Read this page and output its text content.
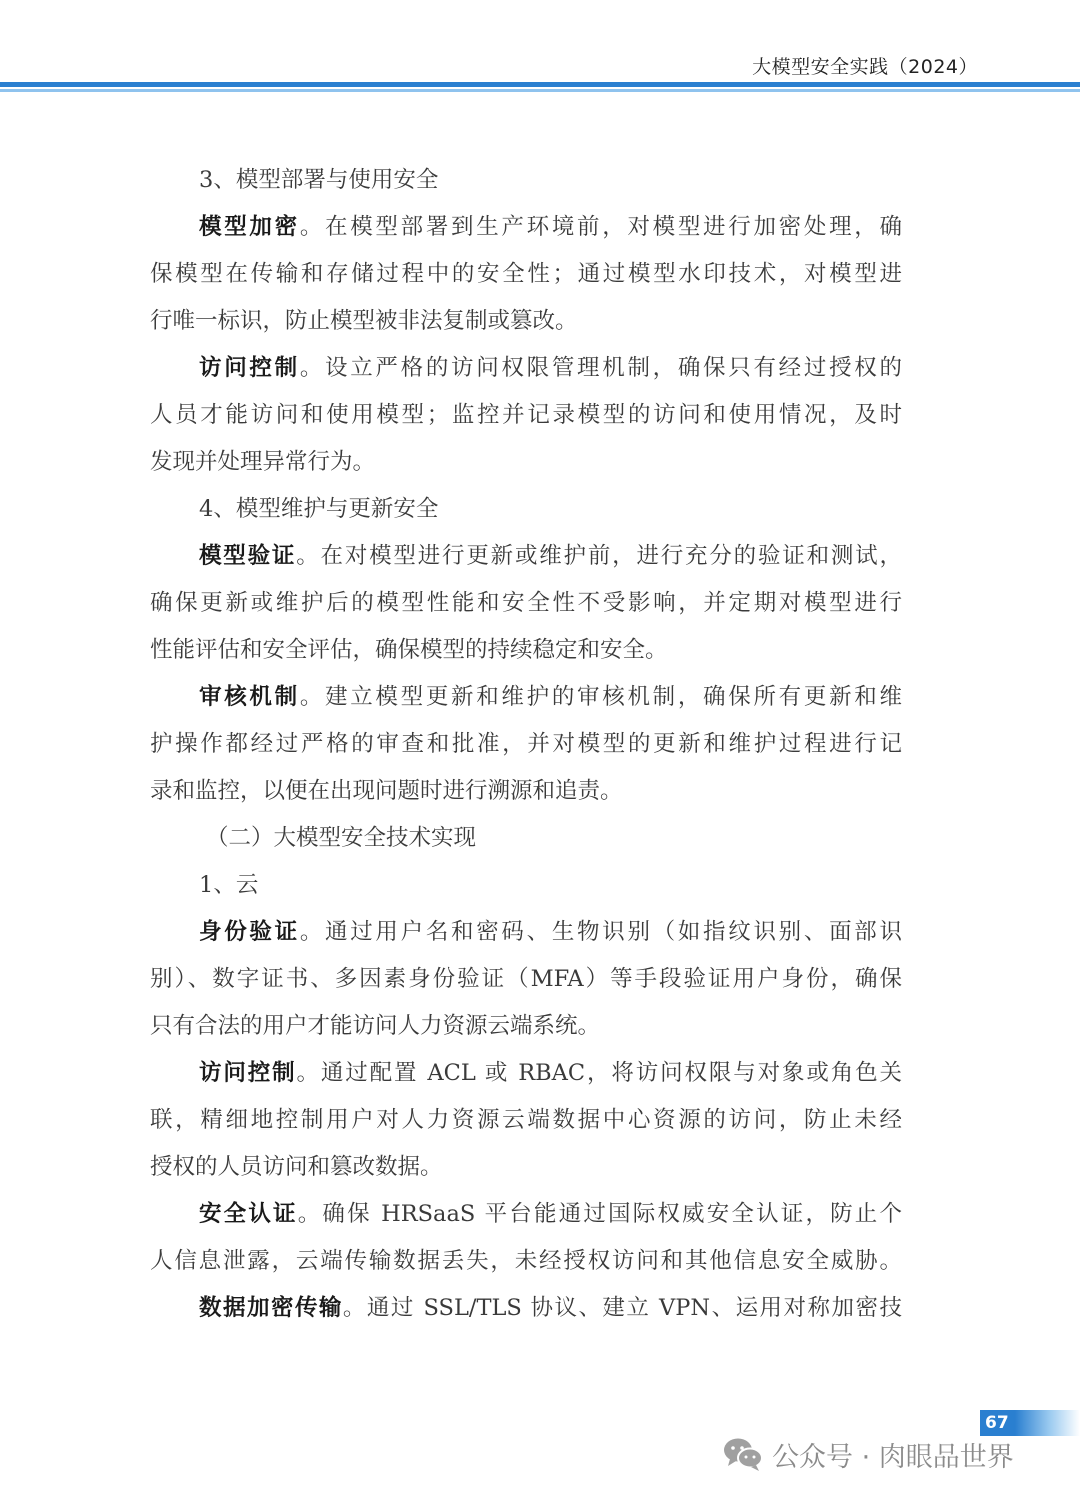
大模型安全实践（2024）
3、模型部署与使用安全
模型加密。在模型部署到生产环境前，对模型进行加密处理，确
保模型在传输和存储过程中的安全性；通过模型水印技术，对模型进
行唯一标识，防止模型被非法复制或篡改。
访问控制。设立严格的访问权限管理机制，确保只有经过授权的
人员才能访问和使用模型；监控并记录模型的访问和使用情况，及时
发现并处理异常行为。
4、模型维护与更新安全
模型验证。在对模型进行更新或维护前，进行充分的验证和测试，
确保更新或维护后的模型性能和安全性不受影响，并定期对模型进行
性能评估和安全评估，确保模型的持续稳定和安全。
审核机制。建立模型更新和维护的审核机制，确保所有更新和维
护操作都经过严格的审查和批准，并对模型的更新和维护过程进行记
录和监控，以便在出现问题时进行溯源和追责。
（二）大模型安全技术实现
1、云
身份验证。通过用户名和密码、生物识别（如指纹识别、面部识
别）、数字证书、多因素身份验证（MFA）等手段验证用户身份，确保
只有合法的用户才能访问人力资源云端系统。
访问控制。通过配置 ACL 或 RBAC，将访问权限与对象或角色关
联，精细地控制用户对人力资源云端数据中心资源的访问，防止未经
授权的人员访问和篡改数据。
安全认证。确保 HRSaaS 平台能通过国际权威安全认证，防止个
人信息泄露，云端传输数据丢失，未经授权访问和其他信息安全威胁。
数据加密传输。通过 SSL/TLS 协议、建立 VPN、运用对称加密技
67
公众号 · 肉眼品世界
